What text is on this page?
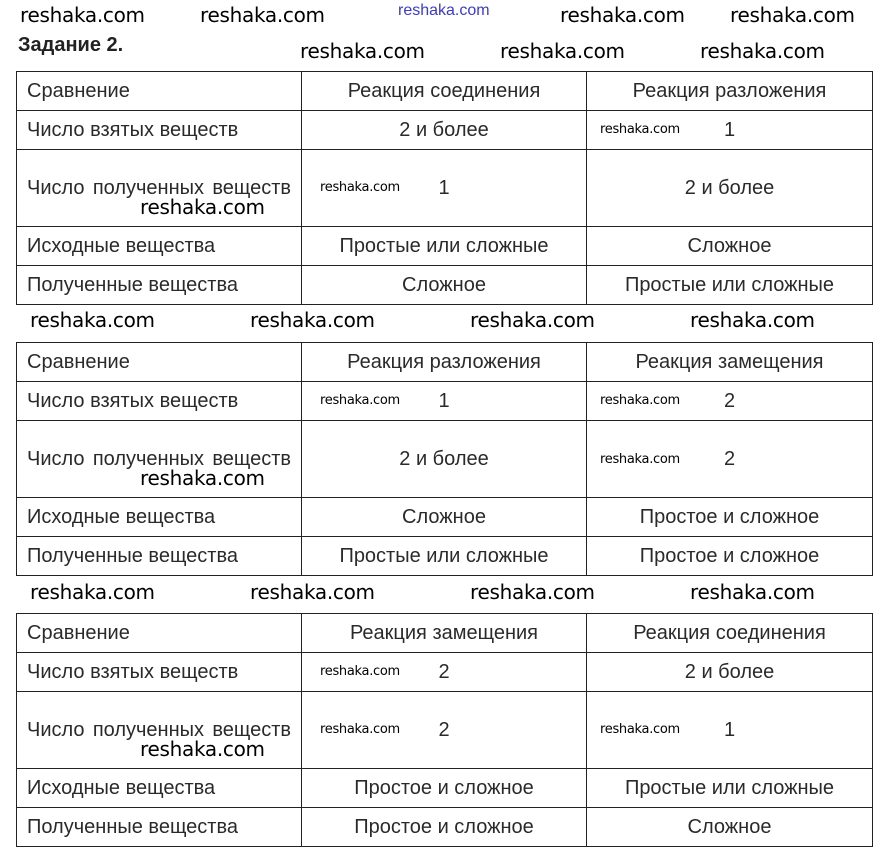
reshaka.com
Задание 2.
Сравнение	Реакция соединения	Реакция разложения
Число взятых веществ	2 и более	1
Число полученных веществ	1	2 и более
Исходные вещества	Простые или сложные	Сложное
Полученные вещества	Сложное	Простые или сложные
Сравнение	Реакция разложения	Реакция замещения
Число взятых веществ	1	2
Число полученных веществ	2 и более	2
Исходные вещества	Сложное	Простое и сложное
Полученные вещества	Простые или сложные	Простое и сложное
Сравнение	Реакция замещения	Реакция соединения
Число взятых веществ	2	2 и более
Число полученных веществ	2	1
Исходные вещества	Простое и сложное	Простые или сложные
Полученные вещества	Простое и сложное	Сложное
reshaka.com	reshaka.com	reshaka.com reshaka.com
reshaka.com	reshaka.com	reshaka.com
reshaka.com	reshaka.com	reshaka.com	reshaka.com
reshaka.com	reshaka.com	reshaka.com	reshaka.com
reshaka.com
reshaka.com
reshaka.com
reshaka.com
reshaka.com
reshaka.com	reshaka.com
reshaka.com
reshaka.com
reshaka.com	reshaka.com
